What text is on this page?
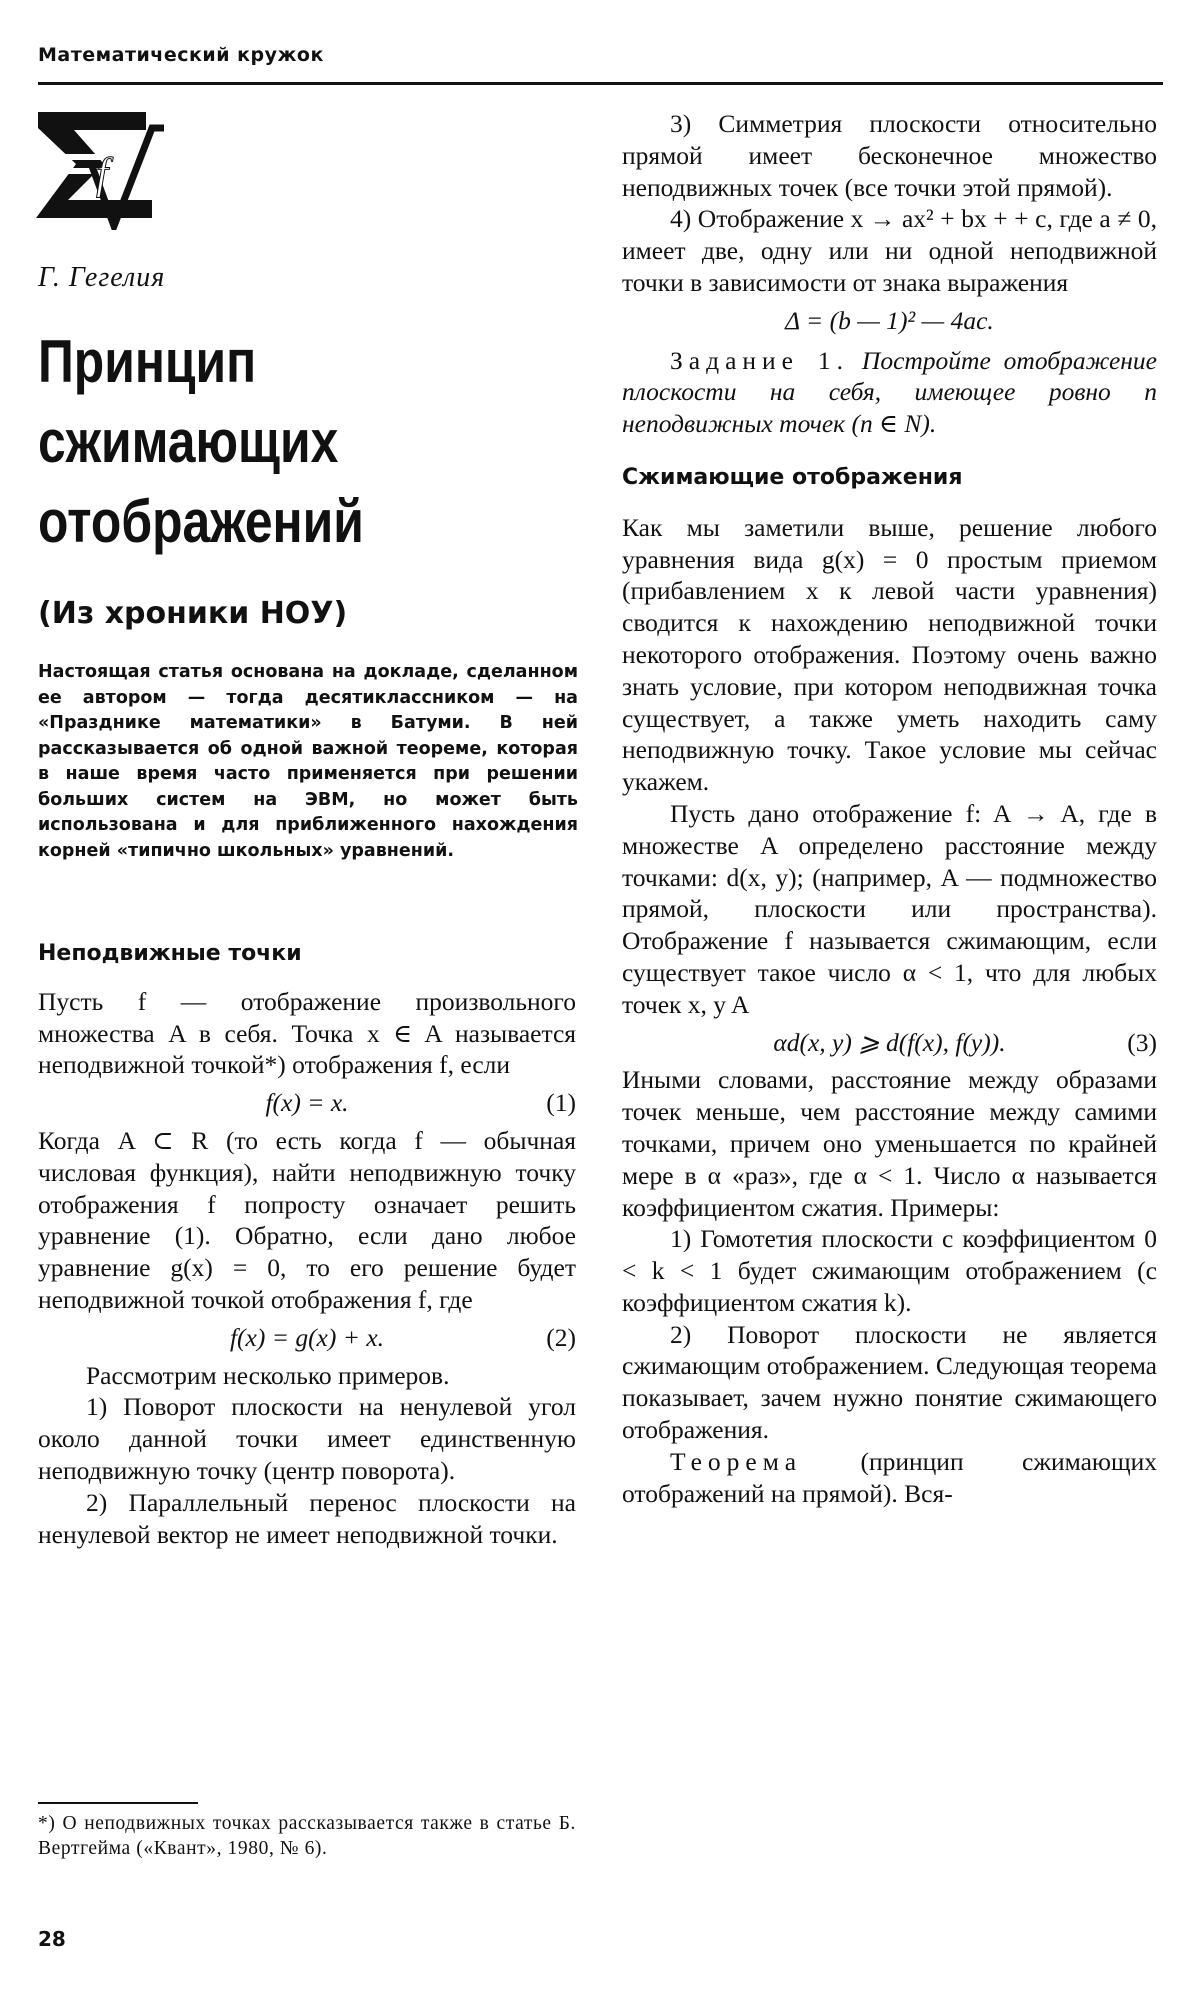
Математический кружок
f
Г. Гегелия
Принцип
сжимающих
отображений
(Из хроники НОУ)
Настоящая статья основана на докладе, сделанном ее автором — тогда десятиклассником — на «Празднике математики» в Батуми. В ней рассказывается об одной важной теореме, которая в наше время часто применяется при решении больших систем на ЭВМ, но может быть использована и для приближенного нахождения корней «типично школьных» уравнений.
Неподвижные точки

Пусть f — отображение произвольного множества A в себя. Точка x ∈ A называется неподвижной точкой*) отображения f, если

f(x) = x.	(1)

Когда A ⊂ R (то есть когда f — обычная числовая функция), найти неподвижную точку отображения f попросту означает решить уравнение (1). Обратно, если дано любое уравнение g(x) = 0, то его решение будет неподвижной точкой отображения f, где

f(x) = g(x) + x.	(2)

Рассмотрим несколько примеров.

1) Поворот плоскости на ненулевой угол около данной точки имеет единственную неподвижную точку (центр поворота).

2) Параллельный перенос плоскости на ненулевой вектор не имеет неподвижной точки.

*) О неподвижных точках рассказывается также в статье Б. Вертгейма («Квант», 1980, № 6).

3) Симметрия плоскости относительно прямой имеет бесконечное множество неподвижных точек (все точки этой прямой).

4) Отображение x → ax² + bx + + c, где a ≠ 0, имеет две, одну или ни одной неподвижной точки в зависимости от знака выражения

Δ = (b — 1)² — 4ac.

Задание 1. Постройте отображение плоскости на себя, имеющее ровно n неподвижных точек (n ∈ N).

Сжимающие отображения

Как мы заметили выше, решение любого уравнения вида g(x) = 0 простым приемом (прибавлением x к левой части уравнения) сводится к нахождению неподвижной точки некоторого отображения. Поэтому очень важно знать условие, при котором неподвижная точка существует, а также уметь находить саму неподвижную точку. Такое условие мы сейчас укажем.

Пусть дано отображение f: A → A, где в множестве A определено расстояние между точками: d(x, y); (например, A — подмножество прямой, плоскости или пространства). Отображение f называется сжимающим, если существует такое число α < 1, что для любых точек x, y A

αd(x, y) ⩾ d(f(x), f(y)).	(3)

Иными словами, расстояние между образами точек меньше, чем расстояние между самими точками, причем оно уменьшается по крайней мере в α «раз», где α < 1. Число α называется коэффициентом сжатия. Примеры:

1) Гомотетия плоскости с коэффициентом 0 < k < 1 будет сжимающим отображением (с коэффициентом сжатия k).

2) Поворот плоскости не является сжимающим отображением. Следующая теорема показывает, зачем нужно понятие сжимающего отображения.

Теорема (принцип сжимающих отображений на прямой). Вся-

28
